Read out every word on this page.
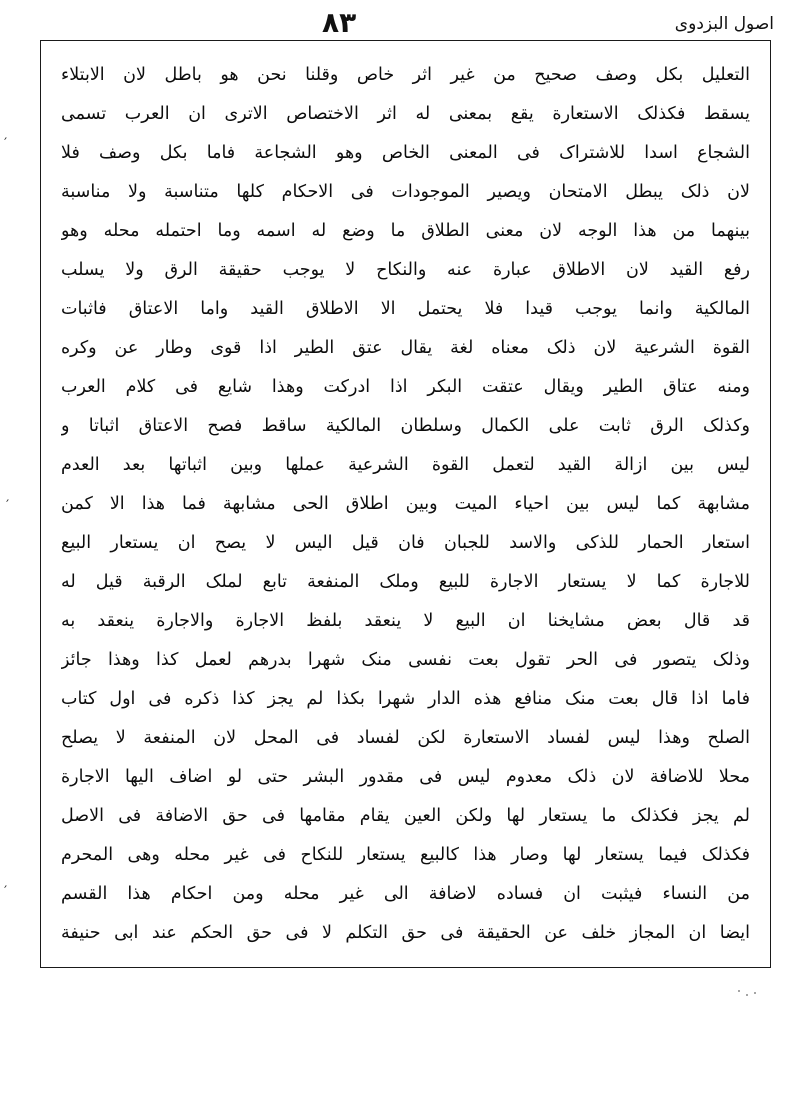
۸۳	اصول البزدوی
التعلیل بکل وصف صحیح من غیر اثر خاص وقلنا نحن هو باطل لان الابتلاء
یسقط فکذلک الاستعارة یقع بمعنی له اثر الاختصاص الاتری ان العرب تسمی
الشجاع اسدا للاشتراک فی المعنی الخاص وهو الشجاعة فاما بکل وصف فلا
لان ذلک یبطل الامتحان ویصیر الموجودات فی الاحکام کلها متناسبة ولا مناسبة
بینهما من هذا الوجه لان معنی الطلاق ما وضع له اسمه وما احتمله محله وهو
رفع القید لان الاطلاق عبارة عنه والنکاح لا یوجب حقیقة الرق ولا یسلب
المالکیة وانما یوجب قیدا فلا یحتمل الا الاطلاق القید واما الاعتاق فاثبات
القوة الشرعیة لان ذلک معناه لغة یقال عتق الطیر اذا قوی وطار عن وکره
ومنه عتاق الطیر ویقال عتقت البکر اذا ادرکت وهذا شایع فی کلام العرب
وکذلک الرق ثابت علی الکمال وسلطان المالکیة ساقط فصح الاعتاق اثباتا و
لیس بین ازالة القید لتعمل القوة الشرعیة عملها وبین اثباتها بعد العدم
مشابهة کما لیس بین احیاء المیت وبین اطلاق الحی مشابهة فما هذا الا کمن
استعار الحمار للذکی والاسد للجبان فان قیل الیس لا یصح ان یستعار البیع
للاجارة کما لا یستعار الاجارة للبیع وملک المنفعة تابع لملک الرقبة قیل له
قد قال بعض مشایخنا ان البیع لا ینعقد بلفظ الاجارة والاجارة ینعقد به
وذلک یتصور فی الحر تقول بعت نفسی منک شهرا بدرهم لعمل کذا وهذا جائز
فاما اذا قال بعت منک منافع هذه الدار شهرا بکذا لم یجز کذا ذکره فی اول کتاب
الصلح وهذا لیس لفساد الاستعارة لکن لفساد فی المحل لان المنفعة لا یصلح
محلا للاضافة لان ذلک معدوم لیس فی مقدور البشر حتی لو اضاف الیها الاجارة
لم یجز فکذلک ما یستعار لها ولکن العین یقام مقامها فی حق الاضافة فی الاصل
فکذلک فیما یستعار لها وصار هذا کالبیع یستعار للنکاح فی غیر محله وهی المحرم
من النساء فیثبت ان فساده لاضافة الی غیر محله ومن احکام هذا القسم
ایضا ان المجاز خلف عن الحقیقة فی حق التکلم لا فی حق الحکم عند ابی حنیفة
′
′
′
